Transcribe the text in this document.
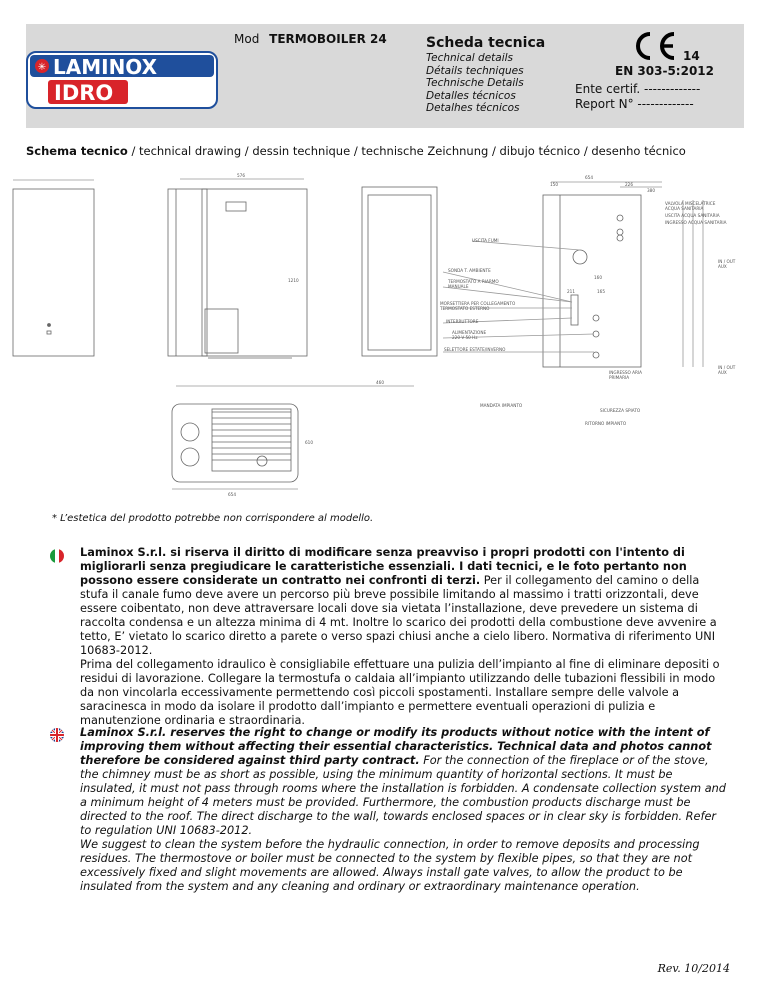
✳ LAMINOX
IDRO
Mod TERMOBOILER 24	Scheda tecnica
Technical details
Détails techniques
Technische Details
Detalles técnicos
Detalhes técnicos
14
EN 303-5:2012
Ente certif. -------------
Report N° -------------
Schema tecnico / technical drawing / dessin technique / technische Zeichnung / dibujo técnico / desenho técnico
VALVOLA MISCELATRICE
ACQUA SANITARIA
USCITA ACQUA SANITARIA
INGRESSO ACQUA SANITARIA
USCITA FUMI
IN / OUT
AUX
SONDA T. AMBIENTE
TERMOSTATO A RIARMO
MANUALE
MORSETTIERA PER COLLEGAMENTO
TERMOSTATO ESTERNO
INTERRUTTORE
ALIMENTAZIONE
220 V 50 Hz
SELETTORE ESTATE/INVERNO
MANDATA IMPIANTO
INGRESSO ARIA
PRIMARIA
SICUREZZA SPIATO
RITORNO IMPIANTO
IN / OUT
AUX
654
576
1210
460
150	226
380
160
211	165
610
654
* L’estetica del prodotto potrebbe non corrispondere al modello.
Laminox S.r.l. si riserva il diritto di modificare senza preavviso i propri prodotti con l'intento di migliorarli senza pregiudicare le caratteristiche essenziali. I dati tecnici, e le foto pertanto non possono essere considerate un contratto nei confronti di terzi. Per il collegamento del camino o della stufa il canale fumo deve avere un percorso più breve possibile limitando al massimo i tratti orizzontali, deve essere coibentato, non deve attraversare locali dove sia vietata l’installazione, deve prevedere un sistema di raccolta condensa e un altezza minima di 4 mt. Inoltre lo scarico dei prodotti della combustione deve avvenire a tetto, E’ vietato lo scarico diretto a parete o verso spazi chiusi anche a cielo libero. Normativa di riferimento UNI 10683-2012.
Prima del collegamento idraulico è consigliabile effettuare una pulizia dell’impianto al fine di eliminare depositi o residui di lavorazione. Collegare la termostufa o caldaia all’impianto utilizzando delle tubazioni flessibili in modo da non vincolarla eccessivamente permettendo così piccoli spostamenti. Installare sempre delle valvole a saracinesca in modo da isolare il prodotto dall’impianto e permettere eventuali operazioni di pulizia e manutenzione ordinaria e straordinaria.
Laminox S.r.l. reserves the right to change or modify its products without notice with the intent of improving them without affecting their essential characteristics. Technical data and photos cannot therefore be considered against third party contract. For the connection of the fireplace or of the stove, the chimney must be as short as possible, using the minimum quantity of horizontal sections. It must be insulated, it must not pass through rooms where the installation is forbidden. A condensate collection system and a minimum height of 4 meters must be provided. Furthermore, the combustion products discharge must be directed to the roof. The direct discharge to the wall, towards enclosed spaces or in clear sky is forbidden. Refer to regulation UNI 10683-2012.
We suggest to clean the system before the hydraulic connection, in order to remove deposits and processing residues. The thermostove or boiler must be connected to the system by flexible pipes, so that they are not excessively fixed and slight movements are allowed. Always install gate valves, to allow the product to be insulated from the system and any cleaning and ordinary or extraordinary maintenance operation.
Rev. 10/2014
